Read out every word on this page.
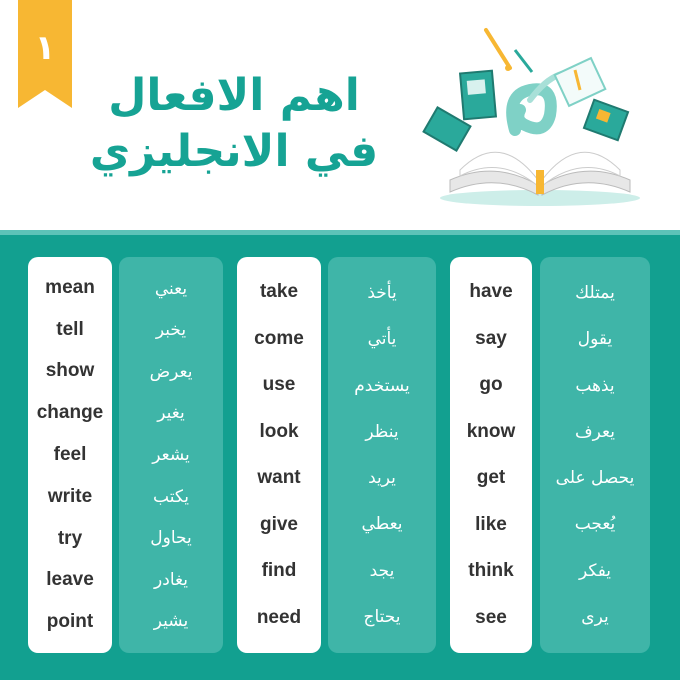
١
اهم الافعال
في الانجليزي
mean
tell
show
change
feel
write
try
leave
point
يعني
يخبر
يعرض
يغير
يشعر
يكتب
يحاول
يغادر
يشير
take
come
use
look
want
give
find
need
يأخذ
يأتي
يستخدم
ينظر
يريد
يعطي
يجد
يحتاج
have
say
go
know
get
like
think
see
يمتلك
يقول
يذهب
يعرف
يحصل على
يُعجب
يفكر
يرى
